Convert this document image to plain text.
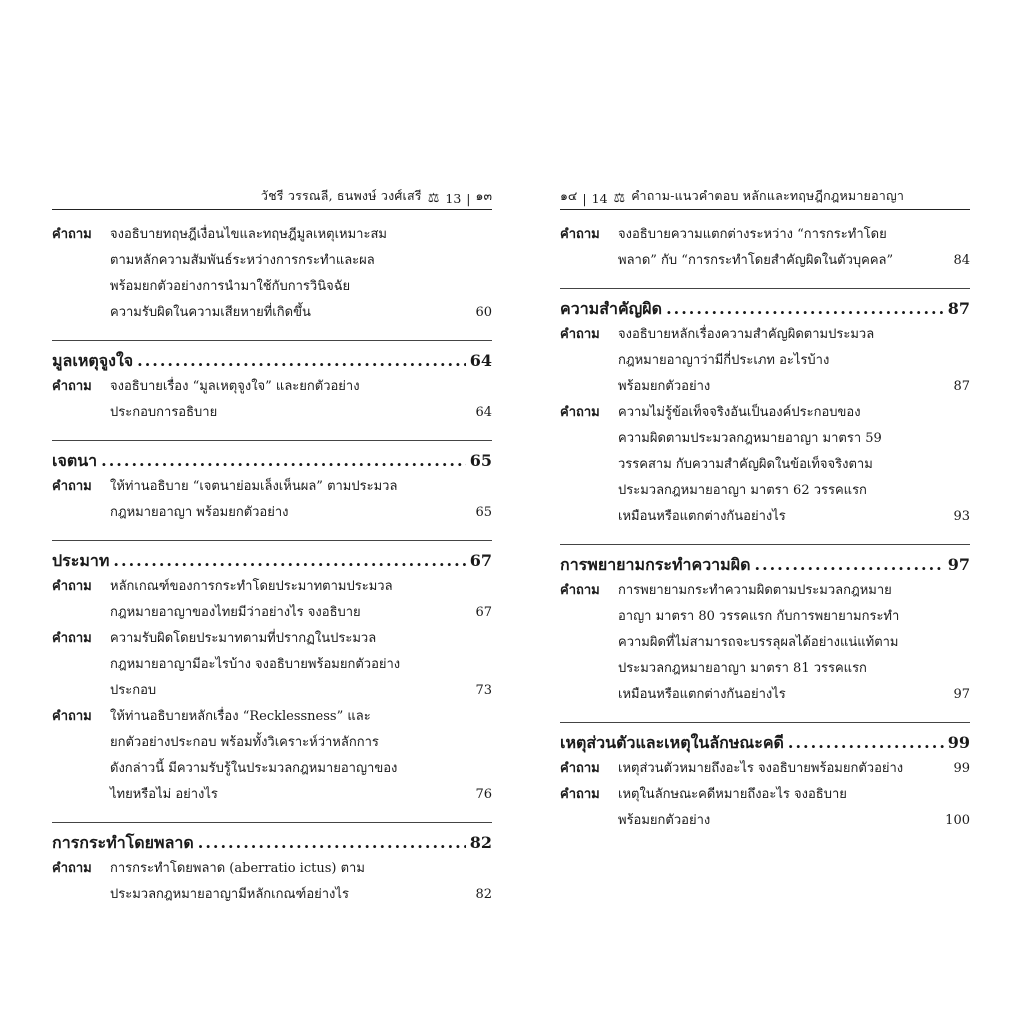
วัชรี วรรณลี, ธนพงษ์ วงศ์เสรี ⚖ 13 | ๑๓
คำถาม	จงอธิบายทฤษฎีเงื่อนไขและทฤษฎีมูลเหตุเหมาะสม
ตามหลักความสัมพันธ์ระหว่างการกระทำและผล
พร้อมยกตัวอย่างการนำมาใช้กับการวินิจฉัย
ความรับผิดในความเสียหายที่เกิดขึ้น	60
มูลเหตุจูงใจ .....	64
คำถาม	จงอธิบายเรื่อง “มูลเหตุจูงใจ” และยกตัวอย่าง
ประกอบการอธิบาย	64
เจตนา .....	65
คำถาม	ให้ท่านอธิบาย “เจตนาย่อมเล็งเห็นผล” ตามประมวล
กฎหมายอาญา พร้อมยกตัวอย่าง	65
ประมาท .....	67
คำถาม	หลักเกณฑ์ของการกระทำโดยประมาทตามประมวล
กฎหมายอาญาของไทยมีว่าอย่างไร จงอธิบาย	67
คำถาม	ความรับผิดโดยประมาทตามที่ปรากฏในประมวล
กฎหมายอาญามีอะไรบ้าง จงอธิบายพร้อมยกตัวอย่าง
ประกอบ	73
คำถาม	ให้ท่านอธิบายหลักเรื่อง “Recklessness” และ
ยกตัวอย่างประกอบ พร้อมทั้งวิเคราะห์ว่าหลักการ
ดังกล่าวนี้ มีความรับรู้ในประมวลกฎหมายอาญาของ
ไทยหรือไม่ อย่างไร	76
การกระทำโดยพลาด .....	82
คำถาม	การกระทำโดยพลาด (aberratio ictus) ตาม
ประมวลกฎหมายอาญามีหลักเกณฑ์อย่างไร	82
๑๔ | 14 ⚖ คำถาม-แนวคำตอบ หลักและทฤษฎีกฎหมายอาญา
คำถาม	จงอธิบายความแตกต่างระหว่าง “การกระทำโดย
พลาด” กับ “การกระทำโดยสำคัญผิดในตัวบุคคล”	84
ความสำคัญผิด .....	87
คำถาม	จงอธิบายหลักเรื่องความสำคัญผิดตามประมวล
กฎหมายอาญาว่ามีกี่ประเภท อะไรบ้าง
พร้อมยกตัวอย่าง	87
คำถาม	ความไม่รู้ข้อเท็จจริงอันเป็นองค์ประกอบของ
ความผิดตามประมวลกฎหมายอาญา มาตรา 59
วรรคสาม กับความสำคัญผิดในข้อเท็จจริงตาม
ประมวลกฎหมายอาญา มาตรา 62 วรรคแรก
เหมือนหรือแตกต่างกันอย่างไร	93
การพยายามกระทำความผิด .....	97
คำถาม	การพยายามกระทำความผิดตามประมวลกฎหมาย
อาญา มาตรา 80 วรรคแรก กับการพยายามกระทำ
ความผิดที่ไม่สามารถจะบรรลุผลได้อย่างแน่แท้ตาม
ประมวลกฎหมายอาญา มาตรา 81 วรรคแรก
เหมือนหรือแตกต่างกันอย่างไร	97
เหตุส่วนตัวและเหตุในลักษณะคดี .....	99
คำถาม	เหตุส่วนตัวหมายถึงอะไร จงอธิบายพร้อมยกตัวอย่าง	99
คำถาม	เหตุในลักษณะคดีหมายถึงอะไร จงอธิบาย
พร้อมยกตัวอย่าง	100
